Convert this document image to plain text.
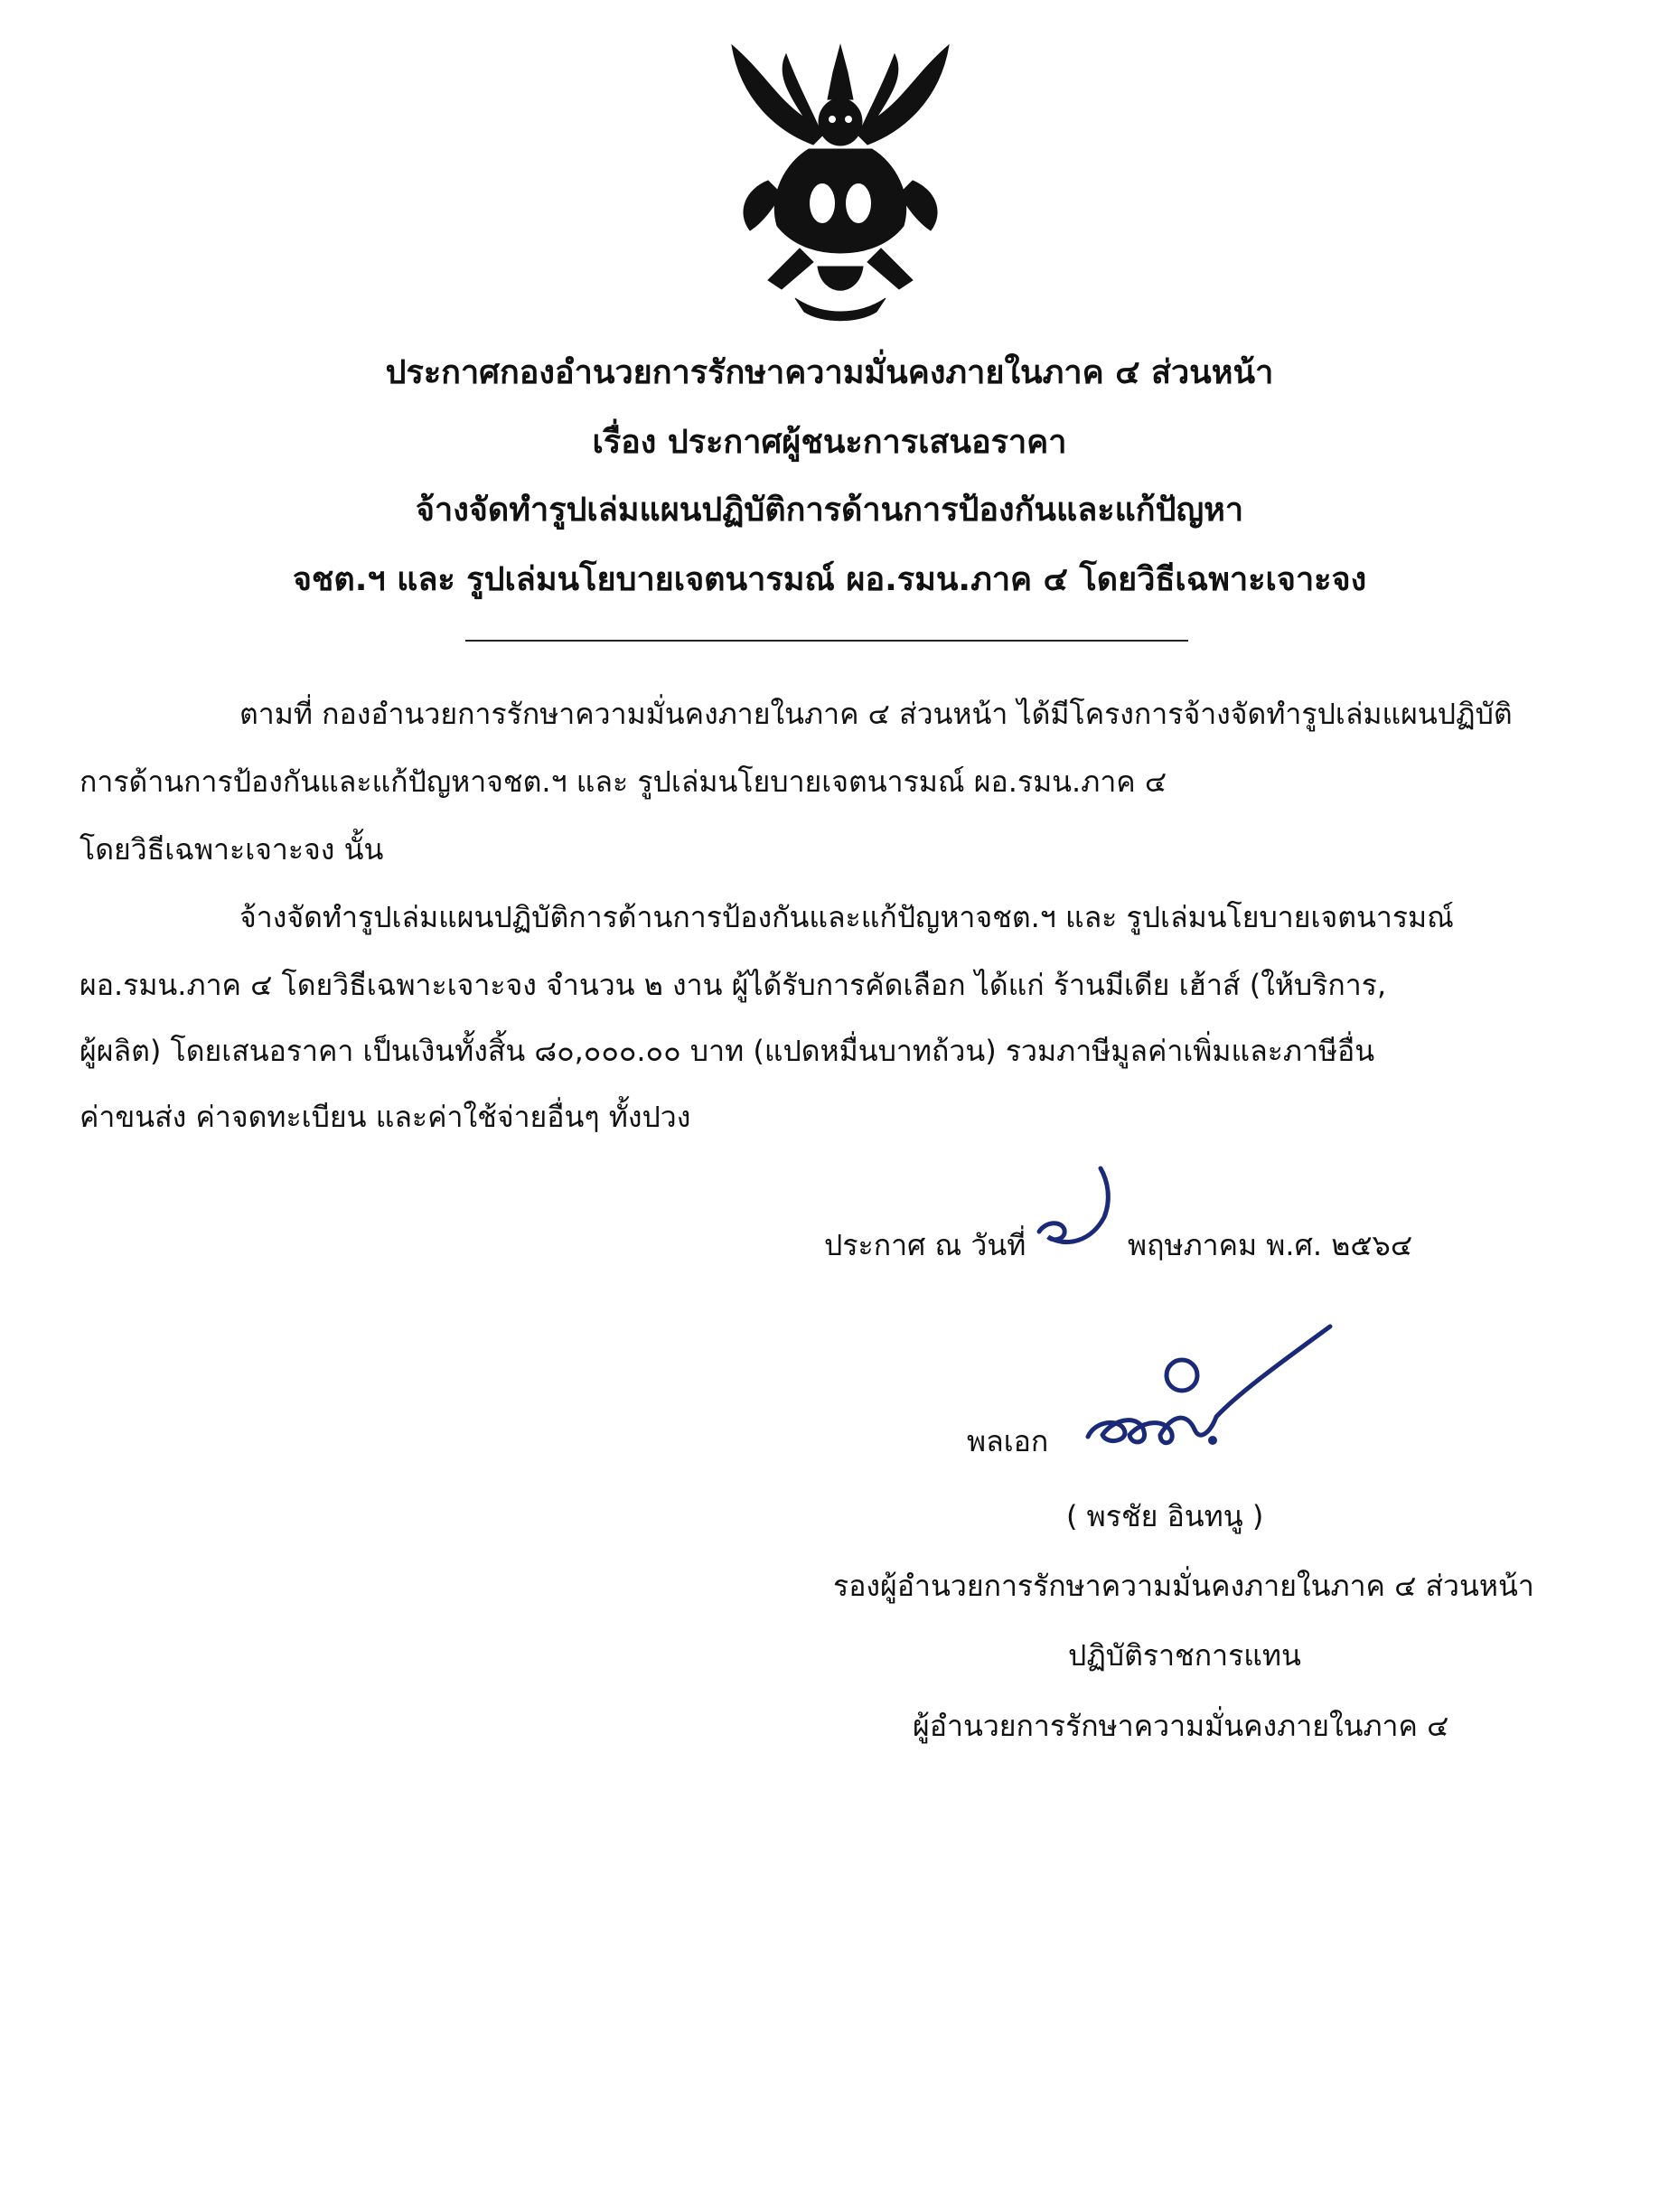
ประกาศกองอำนวยการรักษาความมั่นคงภายในภาค ๔ ส่วนหน้า
เรื่อง ประกาศผู้ชนะการเสนอราคา
จ้างจัดทำรูปเล่มแผนปฏิบัติการด้านการป้องกันและแก้ปัญหา
จชต.ฯ และ รูปเล่มนโยบายเจตนารมณ์ ผอ.รมน.ภาค ๔ โดยวิธีเฉพาะเจาะจง
ตามที่ กองอำนวยการรักษาความมั่นคงภายในภาค ๔ ส่วนหน้า ได้มีโครงการจ้างจัดทำรูปเล่มแผนปฏิบัติ
การด้านการป้องกันและแก้ปัญหาจชต.ฯ และ รูปเล่มนโยบายเจตนารมณ์ ผอ.รมน.ภาค ๔
โดยวิธีเฉพาะเจาะจง นั้น
จ้างจัดทำรูปเล่มแผนปฏิบัติการด้านการป้องกันและแก้ปัญหาจชต.ฯ และ รูปเล่มนโยบายเจตนารมณ์
ผอ.รมน.ภาค ๔ โดยวิธีเฉพาะเจาะจง จำนวน ๒ งาน ผู้ได้รับการคัดเลือก ได้แก่ ร้านมีเดีย เฮ้าส์ (ให้บริการ,
ผู้ผลิต) โดยเสนอราคา เป็นเงินทั้งสิ้น ๘๐,๐๐๐.๐๐ บาท (แปดหมื่นบาทถ้วน) รวมภาษีมูลค่าเพิ่มและภาษีอื่น
ค่าขนส่ง ค่าจดทะเบียน และค่าใช้จ่ายอื่นๆ ทั้งปวง
ประกาศ ณ วันที่	พฤษภาคม พ.ศ. ๒๕๖๔
พลเอก
( พรชัย อินทนู )
รองผู้อำนวยการรักษาความมั่นคงภายในภาค ๔ ส่วนหน้า
ปฏิบัติราชการแทน
ผู้อำนวยการรักษาความมั่นคงภายในภาค ๔
